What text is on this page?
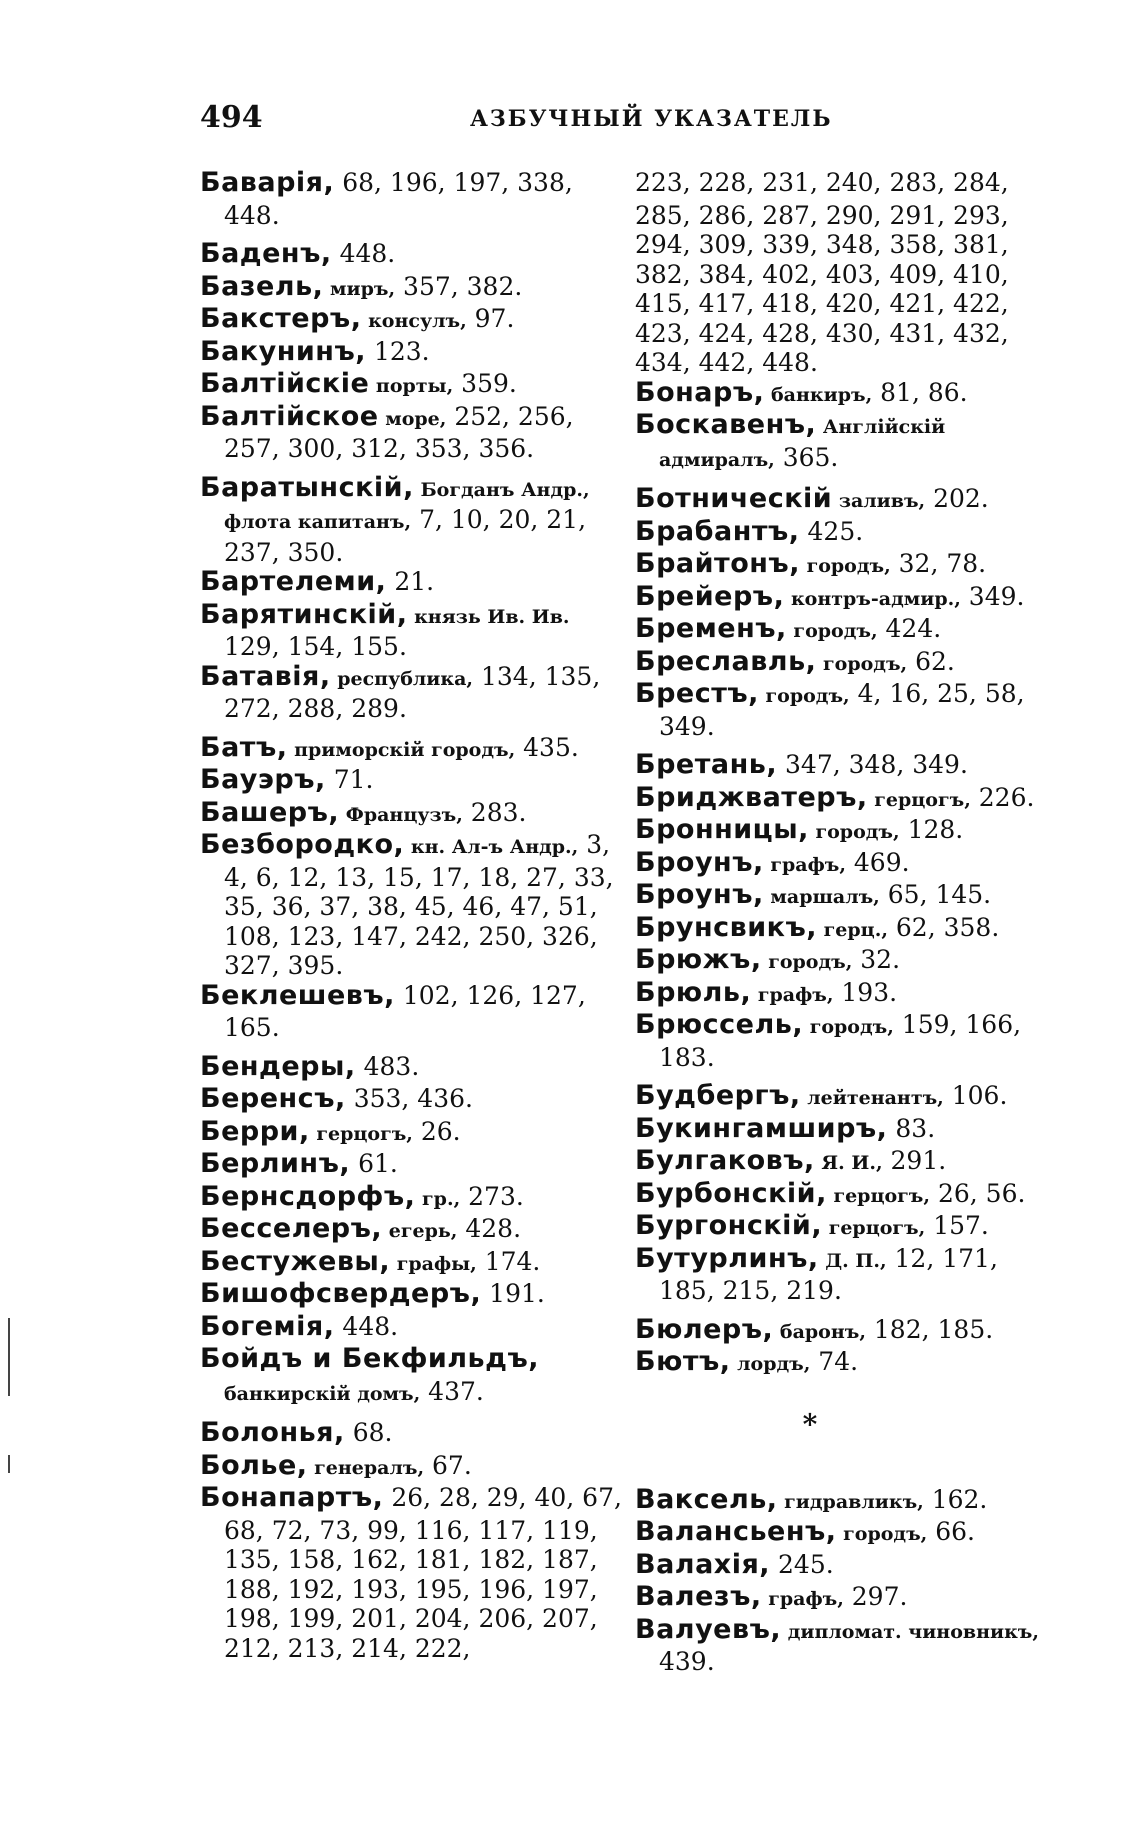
494	АЗБУЧНЫЙ УКАЗАТЕЛЬ
Баварія, 68, 196, 197, 338, 448.
Баденъ, 448.
Базель, миръ, 357, 382.
Бакстеръ, консулъ, 97.
Бакунинъ, 123.
Балтійскіе порты, 359.
Балтійское море, 252, 256, 257, 300, 312, 353, 356.
Баратынскій, Богданъ Андр., флота капитанъ, 7, 10, 20, 21, 237, 350.
Бартелеми, 21.
Барятинскій, князь Ив. Ив. 129, 154, 155.
Батавія, республика, 134, 135, 272, 288, 289.
Батъ, приморскій городъ, 435.
Бауэръ, 71.
Башеръ, Французъ, 283.
Безбородко, кн. Ал-ъ Андр., 3, 4, 6, 12, 13, 15, 17, 18, 27, 33, 35, 36, 37, 38, 45, 46, 47, 51, 108, 123, 147, 242, 250, 326, 327, 395.
Беклешевъ, 102, 126, 127, 165.
Бендеры, 483.
Беренсъ, 353, 436.
Берри, герцогъ, 26.
Берлинъ, 61.
Бернсдорфъ, гр., 273.
Бесселеръ, егерь, 428.
Бестужевы, графы, 174.
Бишофсвердеръ, 191.
Богемія, 448.
Бойдъ и Бекфильдъ, банкирскій домъ, 437.
Болонья, 68.
Болье, генералъ, 67.
Бонапартъ, 26, 28, 29, 40, 67, 68, 72, 73, 99, 116, 117, 119, 135, 158, 162, 181, 182, 187, 188, 192, 193, 195, 196, 197, 198, 199, 201, 204, 206, 207, 212, 213, 214, 222,
223, 228, 231, 240, 283, 284, 285, 286, 287, 290, 291, 293, 294, 309, 339, 348, 358, 381, 382, 384, 402, 403, 409, 410, 415, 417, 418, 420, 421, 422, 423, 424, 428, 430, 431, 432, 434, 442, 448.
Бонаръ, банкиръ, 81, 86.
Боскавенъ, Англійскій адмиралъ, 365.
Ботническій заливъ, 202.
Брабантъ, 425.
Брайтонъ, городъ, 32, 78.
Брейеръ, контръ-адмир., 349.
Бременъ, городъ, 424.
Бреславль, городъ, 62.
Брестъ, городъ, 4, 16, 25, 58, 349.
Бретань, 347, 348, 349.
Бриджватеръ, герцогъ, 226.
Бронницы, городъ, 128.
Броунъ, графъ, 469.
Броунъ, маршалъ, 65, 145.
Брунсвикъ, герц., 62, 358.
Брюжъ, городъ, 32.
Брюль, графъ, 193.
Брюссель, городъ, 159, 166, 183.
Будбергъ, лейтенантъ, 106.
Букингамширъ, 83.
Булгаковъ, Я. И., 291.
Бурбонскій, герцогъ, 26, 56.
Бургонскій, герцогъ, 157.
Бутурлинъ, Д. П., 12, 171, 185, 215, 219.
Бюлеръ, баронъ, 182, 185.
Бютъ, лордъ, 74.
*
Ваксель, гидравликъ, 162.
Валансьенъ, городъ, 66.
Валахія, 245.
Валезъ, графъ, 297.
Валуевъ, дипломат. чиновникъ, 439.
